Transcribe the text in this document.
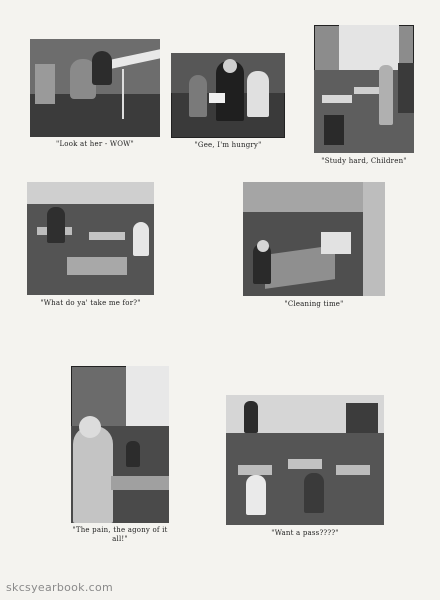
"Look at her - WOW"	"Gee, I'm hungry"
"Study hard, Children"
"What do ya' take me for?"	"Cleaning time"
"The pain, the agony of it all!"
"Want a pass????"
skcsyearbook.com
